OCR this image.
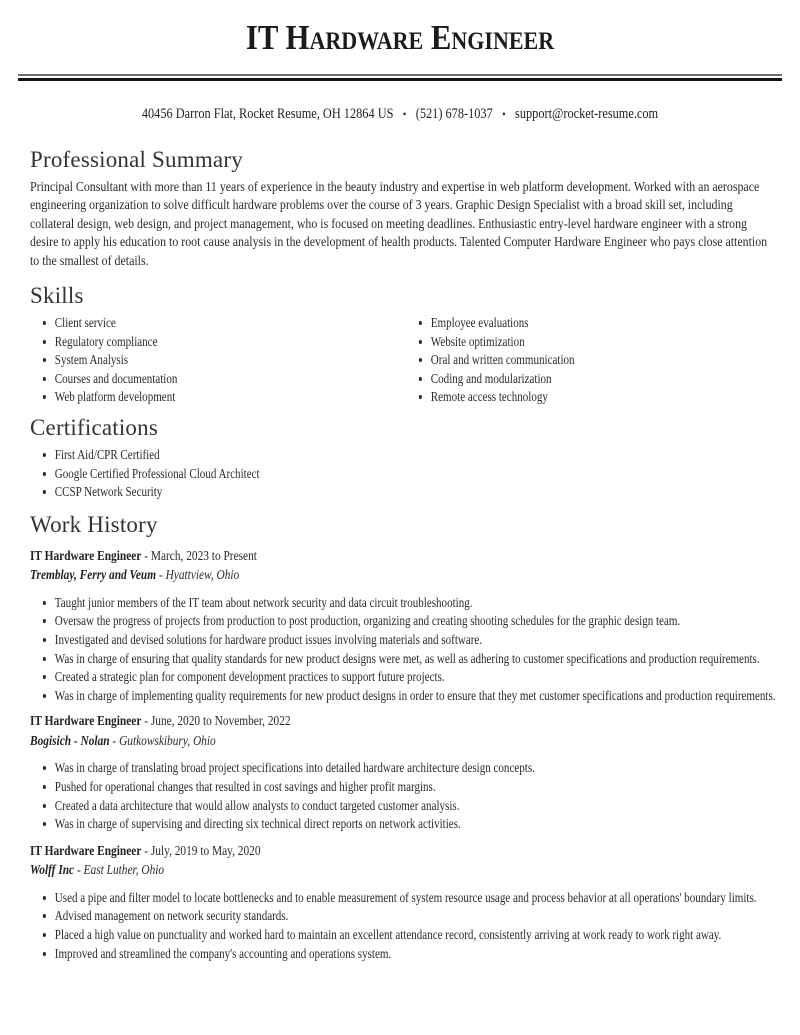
IT Hardware Engineer
40456 Darron Flat, Rocket Resume, OH 12864 US • (521) 678-1037 • support@rocket-resume.com
Professional Summary

Principal Consultant with more than 11 years of experience in the beauty industry and expertise in web platform development. Worked with an aerospace engineering organization to solve difficult hardware problems over the course of 3 years. Graphic Design Specialist with a broad skill set, including collateral design, web design, and project management, who is focused on meeting deadlines. Enthusiastic entry-level hardware engineer with a strong desire to apply his education to root cause analysis in the development of health products. Talented Computer Hardware Engineer who pays close attention to the smallest of details.

Skills
• Client service
• Regulatory compliance
• System Analysis
• Courses and documentation
• Web platform development
• Employee evaluations
• Website optimization
• Oral and written communication
• Coding and modularization
• Remote access technology
Certifications
• First Aid/CPR Certified
• Google Certified Professional Cloud Architect
• CCSP Network Security
Work History
IT Hardware Engineer - March, 2023 to Present
Tremblay, Ferry and Veum - Hyattview, Ohio
• Taught junior members of the IT team about network security and data circuit troubleshooting.
• Oversaw the progress of projects from production to post production, organizing and creating shooting schedules for the graphic design team.
• Investigated and devised solutions for hardware product issues involving materials and software.
• Was in charge of ensuring that quality standards for new product designs were met, as well as adhering to customer specifications and production requirements.
• Created a strategic plan for component development practices to support future projects.
• Was in charge of implementing quality requirements for new product designs in order to ensure that they met customer specifications and production requirements.
IT Hardware Engineer - June, 2020 to November, 2022
Bogisich - Nolan - Gutkowskibury, Ohio
• Was in charge of translating broad project specifications into detailed hardware architecture design concepts.
• Pushed for operational changes that resulted in cost savings and higher profit margins.
• Created a data architecture that would allow analysts to conduct targeted customer analysis.
• Was in charge of supervising and directing six technical direct reports on network activities.
IT Hardware Engineer - July, 2019 to May, 2020
Wolff Inc - East Luther, Ohio
• Used a pipe and filter model to locate bottlenecks and to enable measurement of system resource usage and process behavior at all operations' boundary limits.
• Advised management on network security standards.
• Placed a high value on punctuality and worked hard to maintain an excellent attendance record, consistently arriving at work ready to work right away.
• Improved and streamlined the company's accounting and operations system.
